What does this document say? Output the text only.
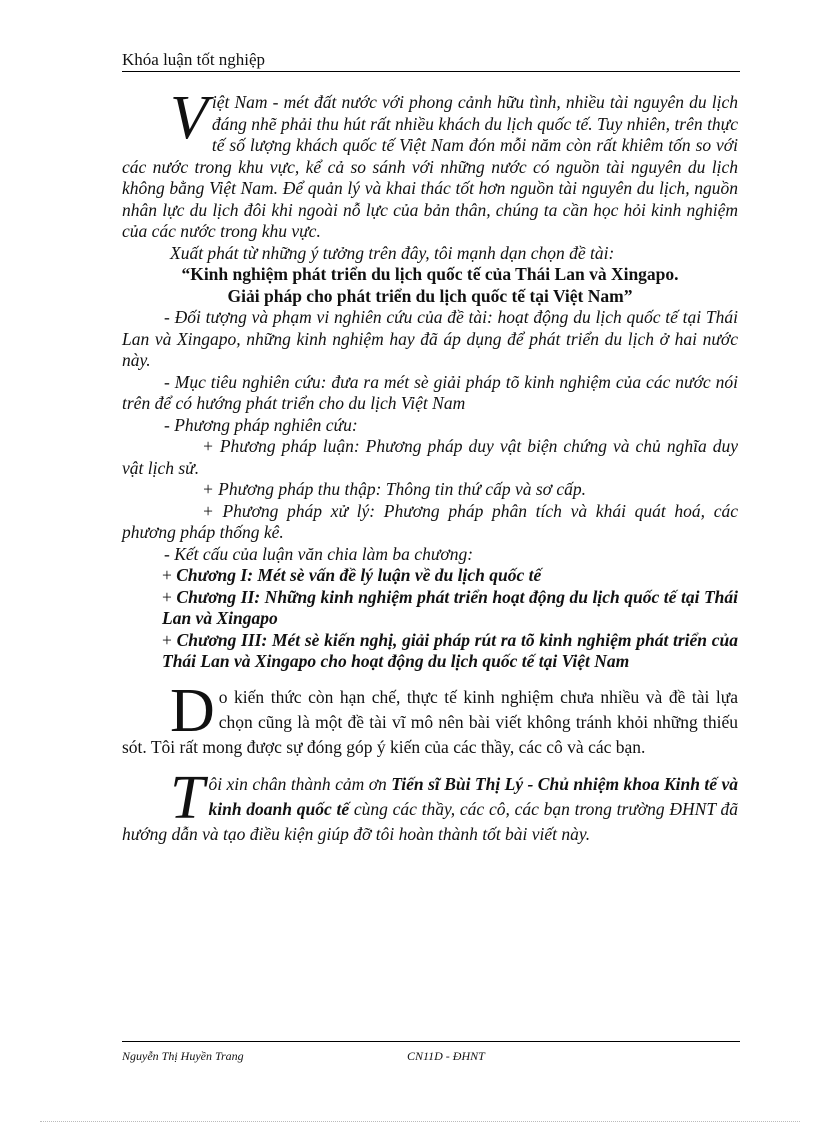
Khóa luận tốt nghiệp

V iệt Nam - mét đất nước với phong cảnh hữu tình, nhiều tài nguyên du lịch đáng nhẽ phải thu hút rất nhiều khách du lịch quốc tế. Tuy nhiên, trên thực tế số lượng khách quốc tế Việt Nam đón mỗi năm còn rất khiêm tốn so với các nước trong khu vực, kể cả so sánh với những nước có nguồn tài nguyên du lịch không bằng Việt Nam. Để quản lý và khai thác tốt hơn nguồn tài nguyên du lịch, nguồn nhân lực du lịch đôi khi ngoài nỗ lực của bản thân, chúng ta cần học hỏi kinh nghiệm của các nước trong khu vực.

Xuất phát từ những ý tưởng trên đây, tôi mạnh dạn chọn đề tài:

“Kinh nghiệm phát triển du lịch quốc tế của Thái Lan và Xingapo.
Giải pháp cho phát triển du lịch quốc tế tại Việt Nam”

- Đối tượng và phạm vi nghiên cứu của đề tài: hoạt động du lịch quốc tế tại Thái Lan và Xingapo, những kinh nghiệm hay đã áp dụng để phát triển du lịch ở hai nước này.

- Mục tiêu nghiên cứu: đưa ra mét sè giải pháp tõ kinh nghiệm của các nước nói trên để có hướng phát triển cho du lịch Việt Nam

- Phương pháp nghiên cứu:

+ Phương pháp luận: Phương pháp duy vật biện chứng và chủ nghĩa duy vật lịch sử.

+ Phương pháp thu thập: Thông tin thứ cấp và sơ cấp.

+ Phương pháp xử lý: Phương pháp phân tích và khái quát hoá, các phương pháp thống kê.

- Kết cấu của luận văn chia làm ba chương:

+ Chương I: Mét sè vấn đề lý luận về du lịch quốc tế

+ Chương II: Những kinh nghiệm phát triển hoạt động du lịch quốc tế tại Thái Lan và Xingapo

+ Chương III: Mét sè kiến nghị, giải pháp rút ra tõ kinh nghiệm phát triển của Thái Lan và Xingapo cho hoạt động du lịch quốc tế tại Việt Nam

D o kiến thức còn hạn chế, thực tế kinh nghiệm chưa nhiều và đề tài lựa chọn cũng là một đề tài vĩ mô nên bài viết không tránh khỏi những thiếu sót. Tôi rất mong được sự đóng góp ý kiến của các thầy, các cô và các bạn.

T ôi xin chân thành cảm ơn Tiến sĩ Bùi Thị Lý - Chủ nhiệm khoa Kinh tế và kinh doanh quốc tế cùng các thầy, các cô, các bạn trong trường ĐHNT đã hướng dẫn và tạo điều kiện giúp đỡ tôi hoàn thành tốt bài viết này.

Nguyễn Thị Huyền Trang	CN11D - ĐHNT
